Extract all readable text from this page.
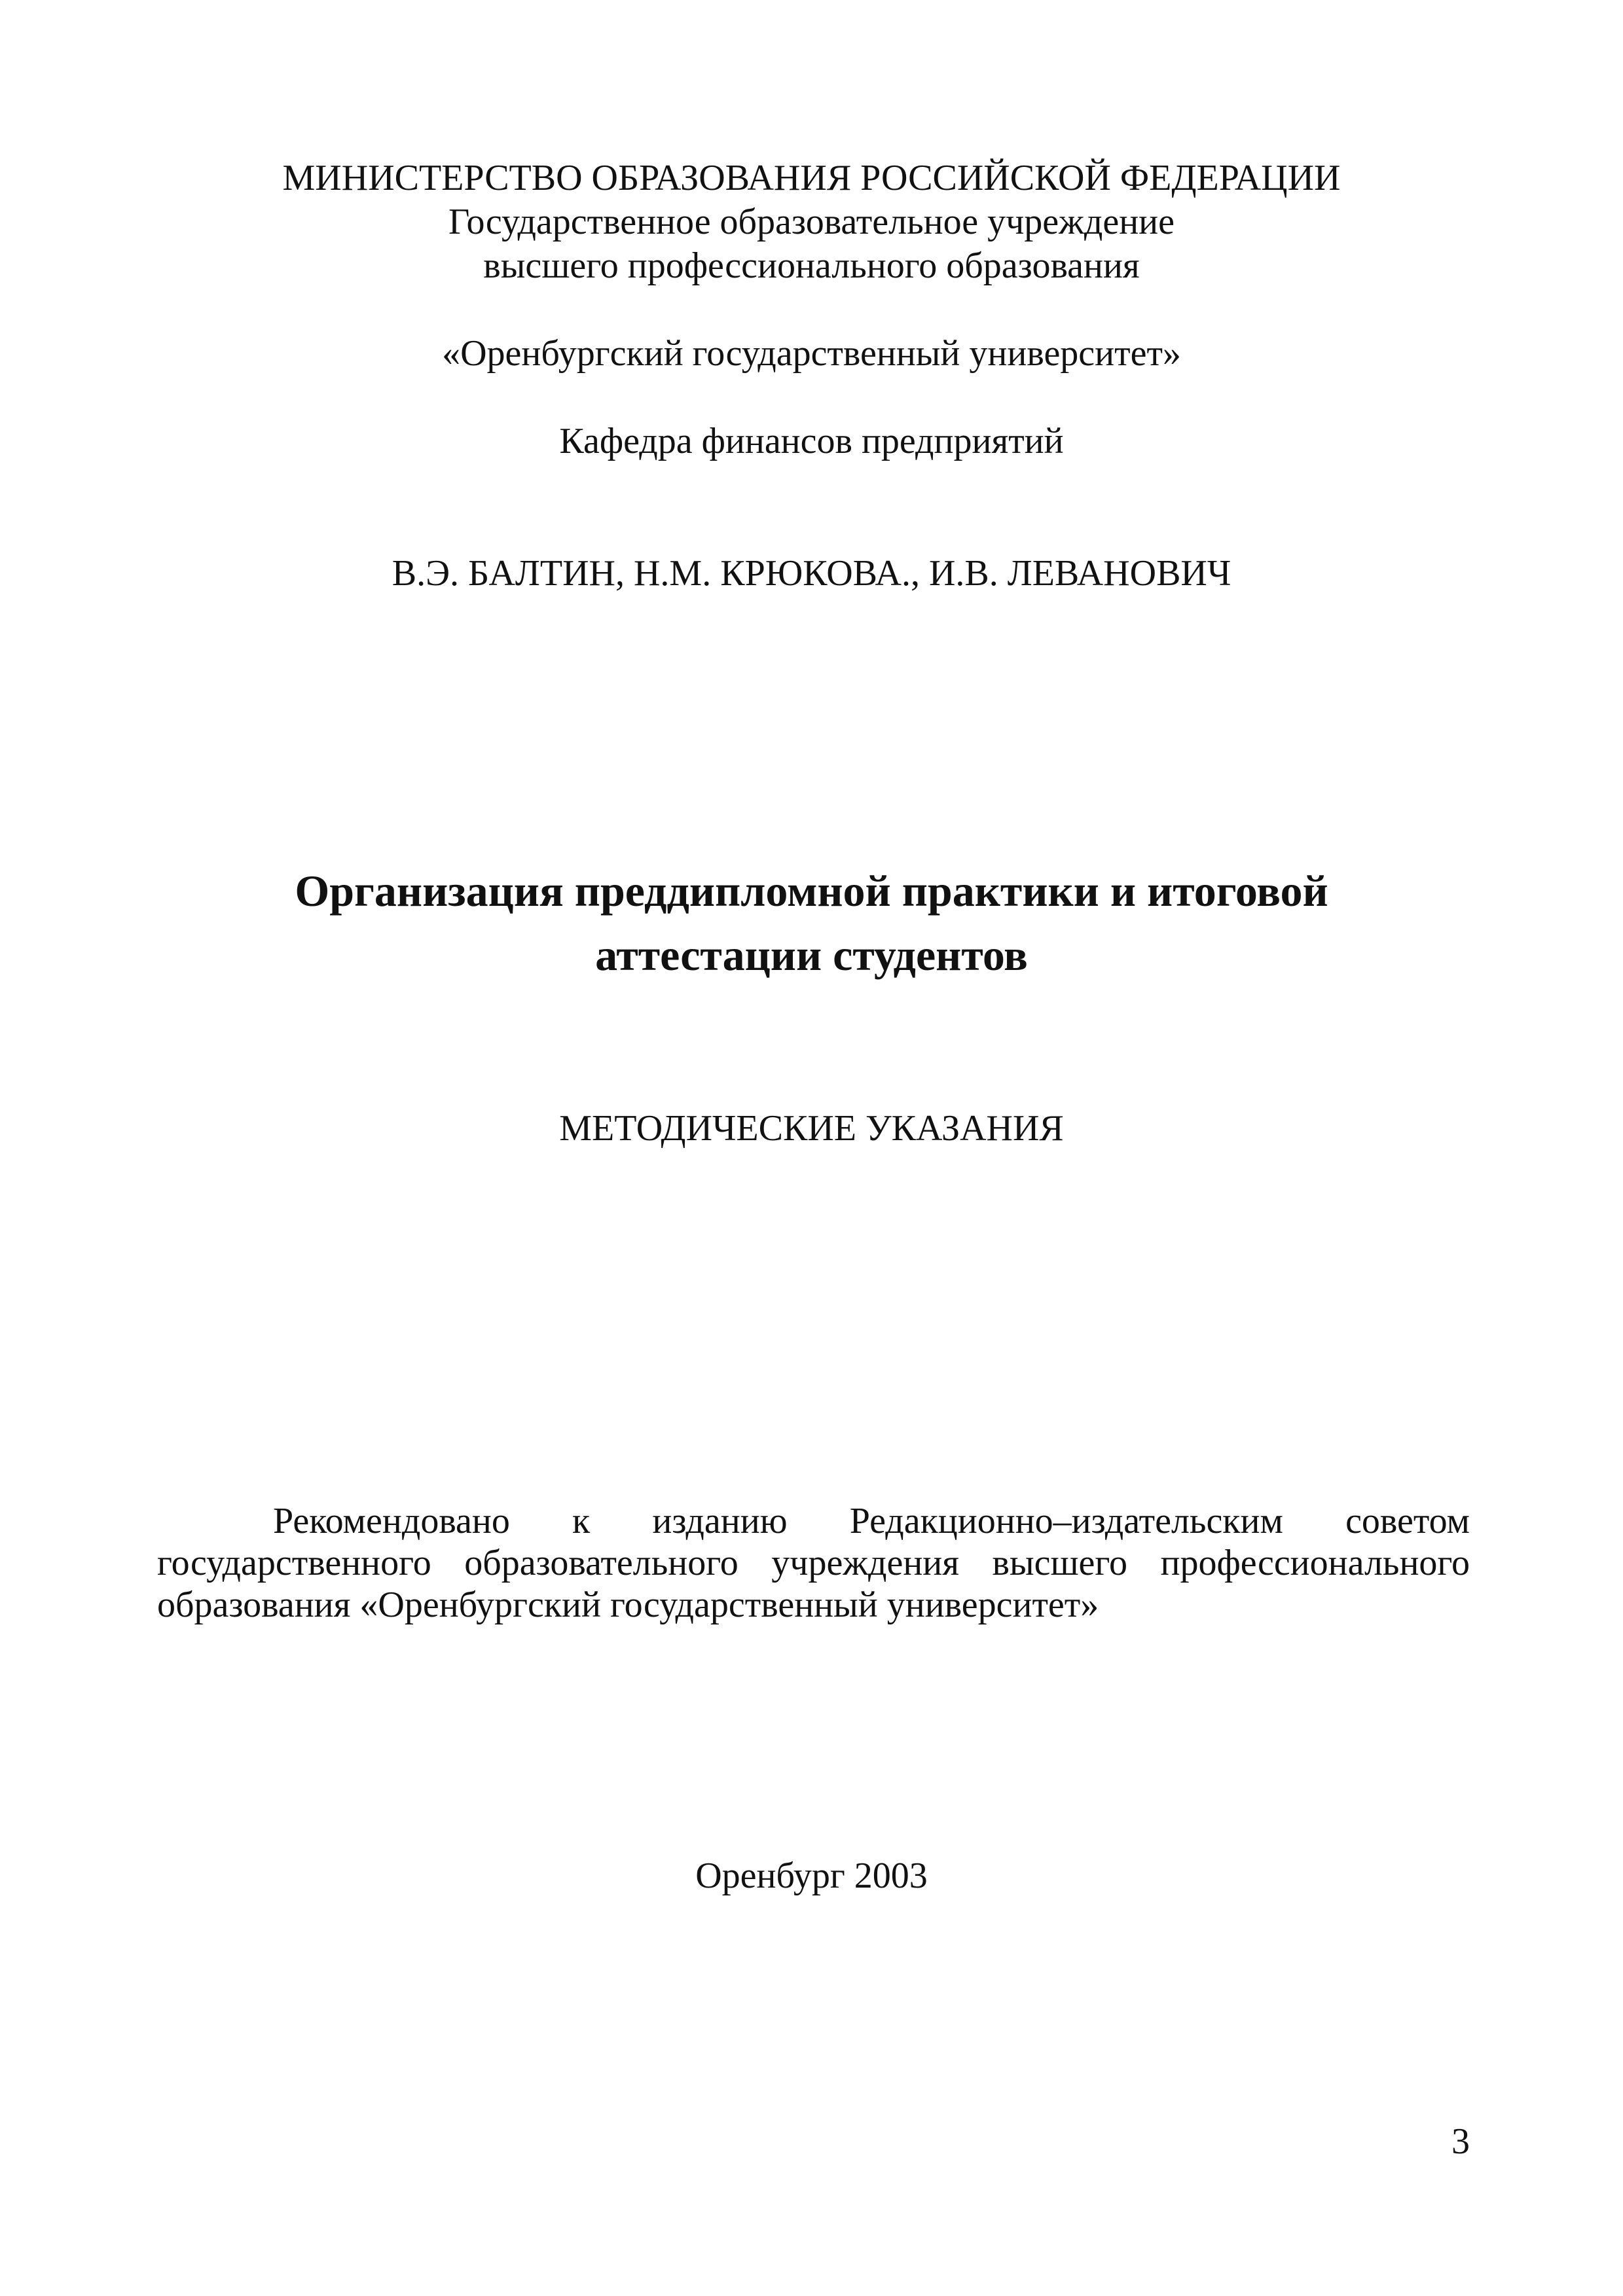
МИНИСТЕРСТВО ОБРАЗОВАНИЯ РОССИЙСКОЙ ФЕДЕРАЦИИ
Государственное образовательное учреждение
высшего профессионального образования
«Оренбургский государственный университет»
Кафедра финансов предприятий
В.Э. БАЛТИН, Н.М. КРЮКОВА., И.В. ЛЕВАНОВИЧ
Организация преддипломной практики и итоговой
аттестации студентов
МЕТОДИЧЕСКИЕ УКАЗАНИЯ
Рекомендовано к изданию Редакционно–издательским советом
государственного образовательного учреждения высшего профессионального
образования «Оренбургский государственный университет»
Оренбург 2003
3
